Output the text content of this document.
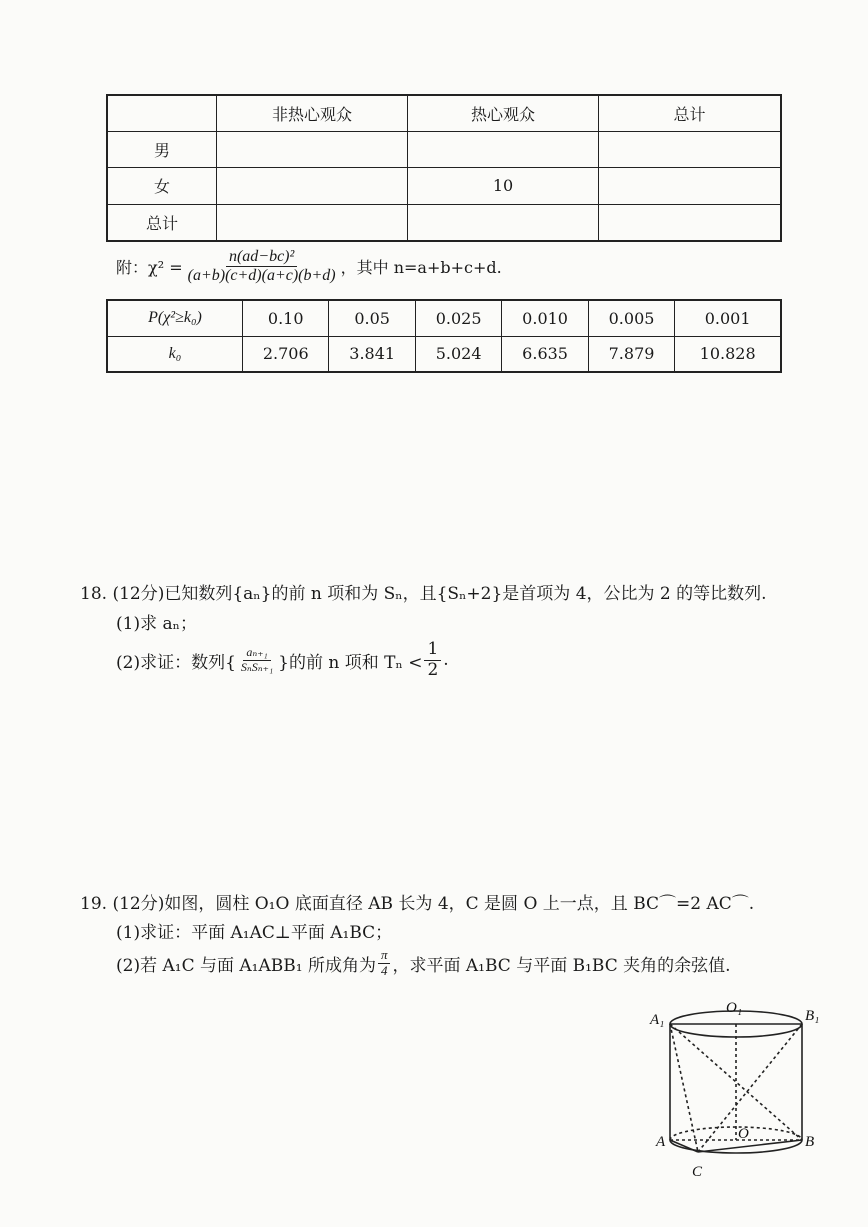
	非热心观众	热心观众	总计
男			
女		10	
总计			
附：$\chi^2 = \frac{\text{n(ad−bc)²}}{(a+b)(c+d)(a+c)(b+d)}$ ，其中 n=a+b+c+d.
P(χ²≥k₀)	0.10	0.05	0.025	0.010	0.005	0.001
k₀	2.706	3.841	5.024	6.635	7.879	10.828
18. (12分)已知数列{aₙ}的前 n 项和为 Sₙ，且{Sₙ+2}是首项为 4，公比为 2 的等比数列.
(1)求 aₙ；
(2)求证：数列{ $\frac{\text{aₙ₊₁}}{\text{SₙSₙ₊₁}}$ }的前 n 项和 $T_n < \frac{1}{2}$ .
19. (12分)如图，圆柱 O₁O 底面直径 AB 长为 4，C 是圆 O 上一点，且 BC⌒=2 AC⌒.
(1)求证：平面 A₁AC⊥平面 A₁BC；
(2)若 A₁C 与面 A₁ABB₁ 所成角为 $\frac{\pi}{4}$ ，求平面 A₁BC 与平面 B₁BC 夹角的余弦值.
A₁
O₁	B₁
A	O	B
C
